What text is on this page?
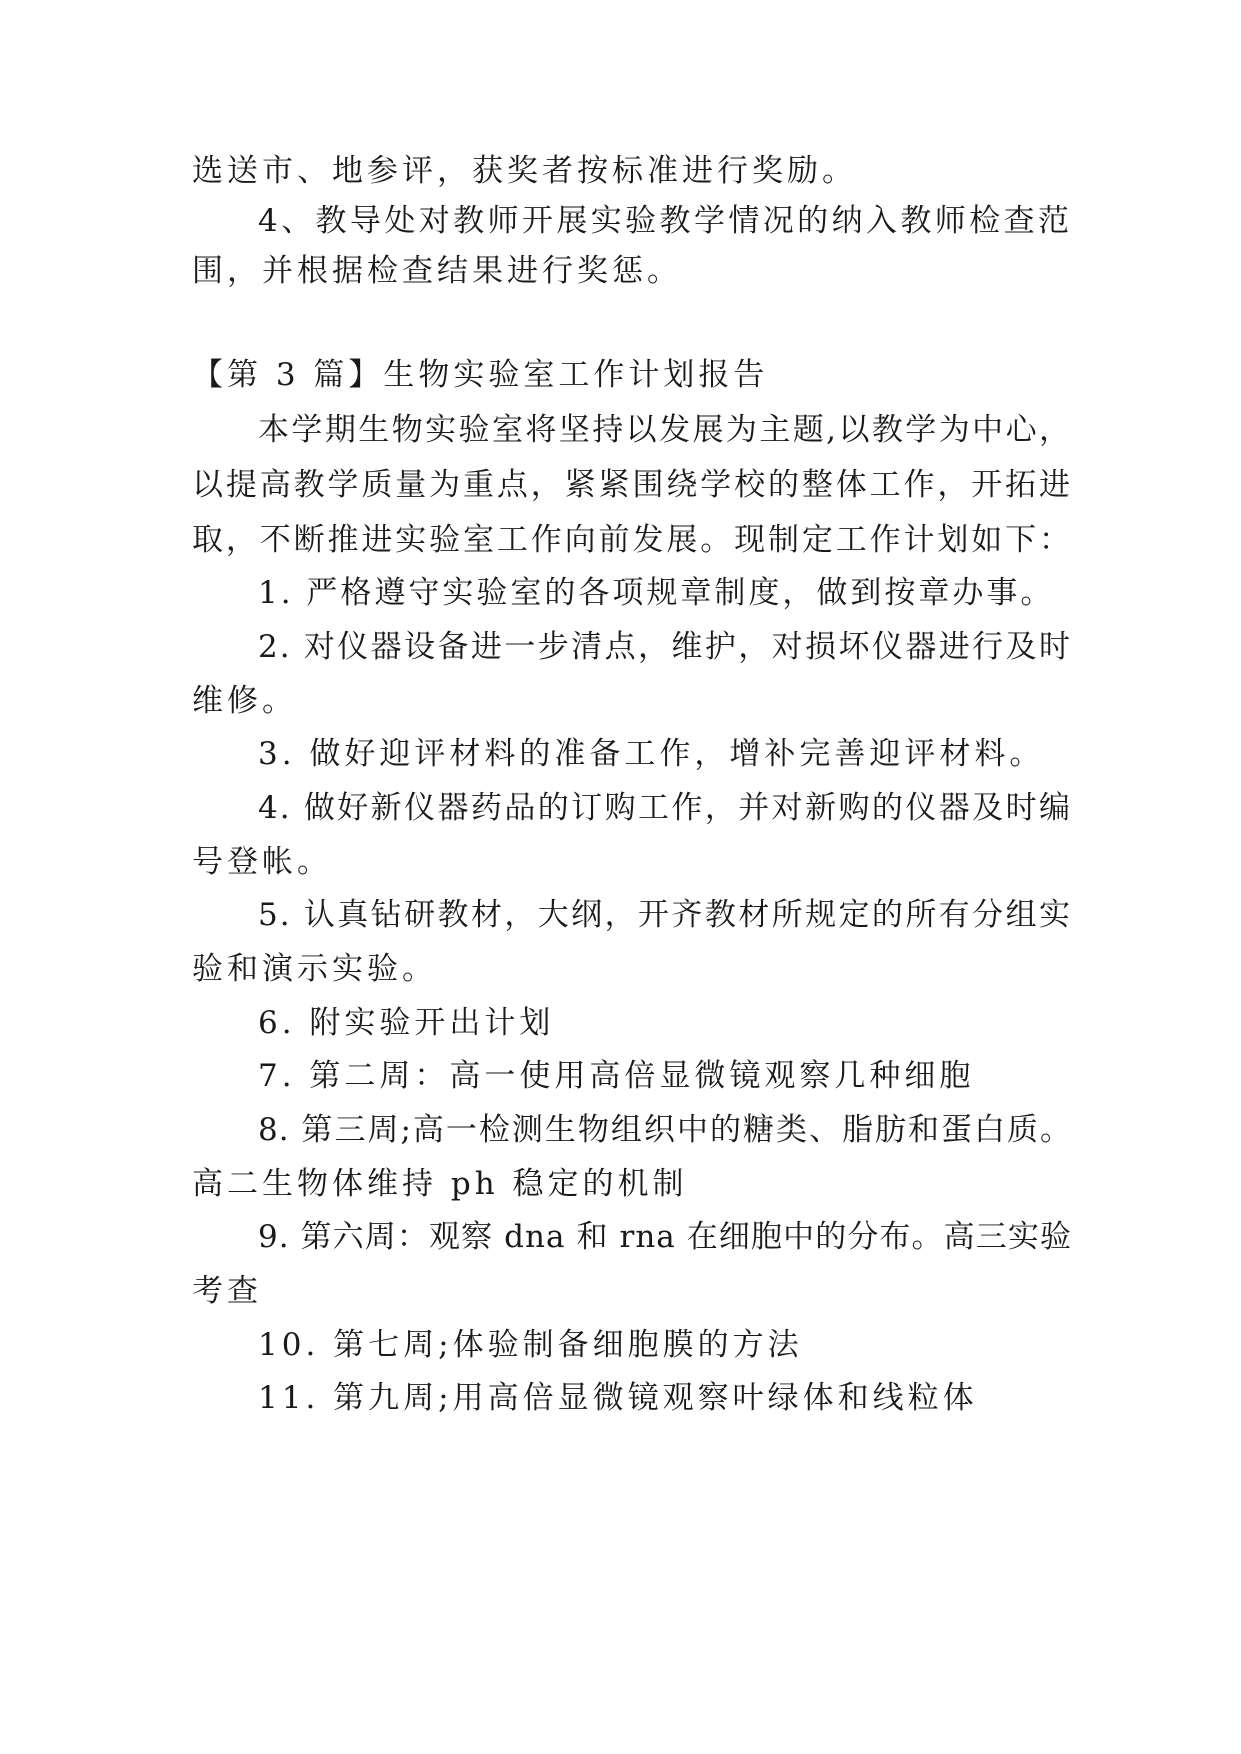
选送市、地参评，获奖者按标准进行奖励。
4、教导处对教师开展实验教学情况的纳入教师检查范
围，并根据检查结果进行奖惩。
【第 3 篇】生物实验室工作计划报告
本学期生物实验室将坚持以发展为主题,以教学为中心，
以提高教学质量为重点，紧紧围绕学校的整体工作，开拓进
取，不断推进实验室工作向前发展。现制定工作计划如下：
1. 严格遵守实验室的各项规章制度，做到按章办事。
2. 对仪器设备进一步清点，维护，对损坏仪器进行及时
维修。
3. 做好迎评材料的准备工作，增补完善迎评材料。
4. 做好新仪器药品的订购工作，并对新购的仪器及时编
号登帐。
5. 认真钻研教材，大纲，开齐教材所规定的所有分组实
验和演示实验。
6. 附实验开出计划
7. 第二周：高一使用高倍显微镜观察几种细胞
8. 第三周;高一检测生物组织中的糖类、脂肪和蛋白质。
高二生物体维持 ph 稳定的机制
9. 第六周：观察 dna 和 rna 在细胞中的分布。高三实验
考查
10. 第七周;体验制备细胞膜的方法
11. 第九周;用高倍显微镜观察叶绿体和线粒体
